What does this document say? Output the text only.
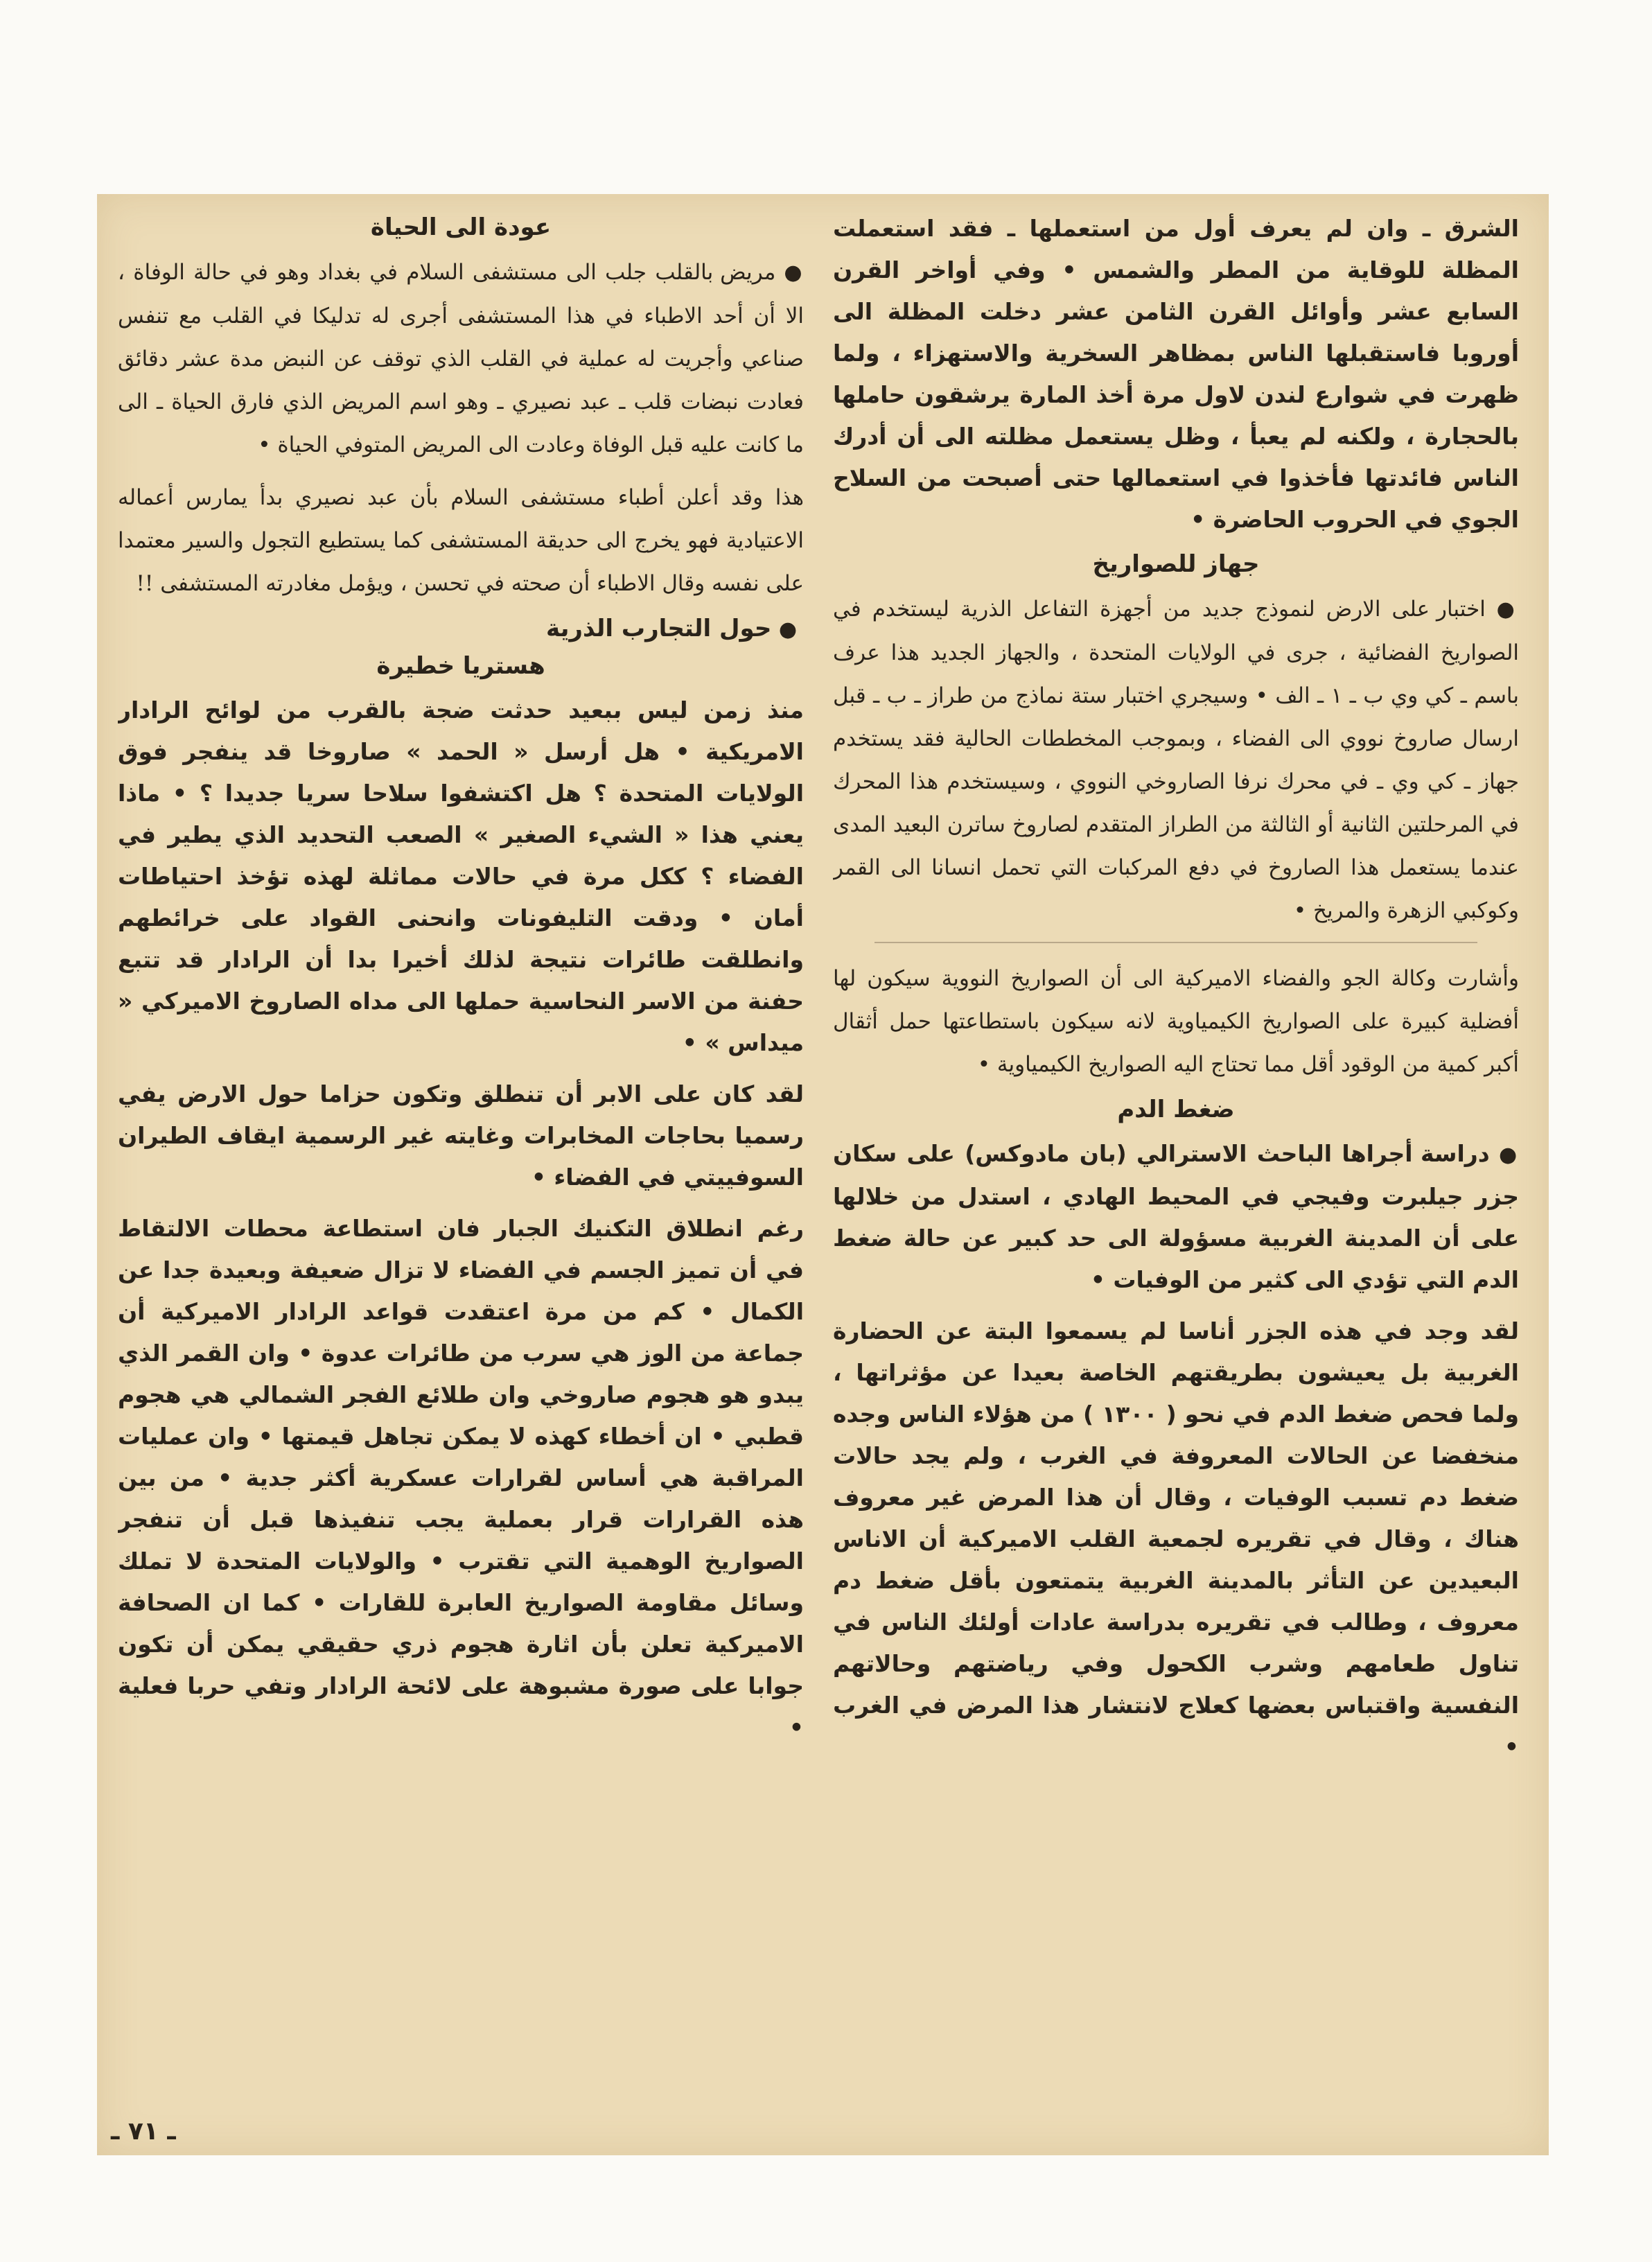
الشرق ـ وان لم يعرف أول من استعملها ـ فقد استعملت المظلة للوقاية من المطر والشمس • وفي أواخر القرن السابع عشر وأوائل القرن الثامن عشر دخلت المظلة الى أوروبا فاستقبلها الناس بمظاهر السخرية والاستهزاء ، ولما ظهرت في شوارع لندن لاول مرة أخذ المارة يرشقون حاملها بالحجارة ، ولكنه لم يعبأ ، وظل يستعمل مظلته الى أن أدرك الناس فائدتها فأخذوا في استعمالها حتى أصبحت من السلاح الجوي في الحروب الحاضرة •

جهاز للصواريخ

● اختبار على الارض لنموذج جديد من أجهزة التفاعل الذرية ليستخدم في الصواريخ الفضائية ، جرى في الولايات المتحدة ، والجهاز الجديد هذا عرف باسم ـ كي وي ب ـ ١ ـ الف • وسيجري اختبار ستة نماذج من طراز ـ ب ـ قبل ارسال صاروخ نووي الى الفضاء ، وبموجب المخططات الحالية فقد يستخدم جهاز ـ كي وي ـ في محرك نرفا الصاروخي النووي ، وسيستخدم هذا المحرك في المرحلتين الثانية أو الثالثة من الطراز المتقدم لصاروخ ساترن البعيد المدى عندما يستعمل هذا الصاروخ في دفع المركبات التي تحمل انسانا الى القمر وكوكبي الزهرة والمريخ •

وأشارت وكالة الجو والفضاء الاميركية الى أن الصواريخ النووية سيكون لها أفضلية كبيرة على الصواريخ الكيمياوية لانه سيكون باستطاعتها حمل أثقال أكبر كمية من الوقود أقل مما تحتاج اليه الصواريخ الكيمياوية •

ضغط الدم

● دراسة أجراها الباحث الاسترالي (بان مادوكس) على سكان جزر جيلبرت وفيجي في المحيط الهادي ، استدل من خلالها على أن المدينة الغربية مسؤولة الى حد كبير عن حالة ضغط الدم التي تؤدي الى كثير من الوفيات •

لقد وجد في هذه الجزر أناسا لم يسمعوا البتة عن الحضارة الغربية بل يعيشون بطريقتهم الخاصة بعيدا عن مؤثراتها ، ولما فحص ضغط الدم في نحو ( ١٣٠٠ ) من هؤلاء الناس وجده منخفضا عن الحالات المعروفة في الغرب ، ولم يجد حالات ضغط دم تسبب الوفيات ، وقال أن هذا المرض غير معروف هناك ، وقال في تقريره لجمعية القلب الاميركية أن الاناس البعيدين عن التأثر بالمدينة الغربية يتمتعون بأقل ضغط دم معروف ، وطالب في تقريره بدراسة عادات أولئك الناس في تناول طعامهم وشرب الكحول وفي رياضتهم وحالاتهم النفسية واقتباس بعضها كعلاج لانتشار هذا المرض في الغرب •

عودة الى الحياة

● مريض بالقلب جلب الى مستشفى السلام في بغداد وهو في حالة الوفاة ، الا أن أحد الاطباء في هذا المستشفى أجرى له تدليكا في القلب مع تنفس صناعي وأجريت له عملية في القلب الذي توقف عن النبض مدة عشر دقائق فعادت نبضات قلب ـ عبد نصيري ـ وهو اسم المريض الذي فارق الحياة ـ الى ما كانت عليه قبل الوفاة وعادت الى المريض المتوفي الحياة •

هذا وقد أعلن أطباء مستشفى السلام بأن عبد نصيري بدأ يمارس أعماله الاعتيادية فهو يخرج الى حديقة المستشفى كما يستطيع التجول والسير معتمدا على نفسه وقال الاطباء أن صحته في تحسن ، ويؤمل مغادرته المستشفى !!

● حول التجارب الذرية
هستريا خطيرة

منذ زمن ليس ببعيد حدثت ضجة بالقرب من لوائح الرادار الامريكية • هل أرسل « الحمد » صاروخا قد ينفجر فوق الولايات المتحدة ؟ هل اكتشفوا سلاحا سريا جديدا ؟ • ماذا يعني هذا « الشيء الصغير » الصعب التحديد الذي يطير في الفضاء ؟ ككل مرة في حالات مماثلة لهذه تؤخذ احتياطات أمان • ودقت التليفونات وانحنى القواد على خرائطهم وانطلقت طائرات نتيجة لذلك أخيرا بدا أن الرادار قد تتبع حفنة من الاسر النحاسية حملها الى مداه الصاروخ الاميركي « ميداس » •

لقد كان على الابر أن تنطلق وتكون حزاما حول الارض يفي رسميا بحاجات المخابرات وغايته غير الرسمية ايقاف الطيران السوفييتي في الفضاء •

رغم انطلاق التكنيك الجبار فان استطاعة محطات الالتقاط في أن تميز الجسم في الفضاء لا تزال ضعيفة وبعيدة جدا عن الكمال • كم من مرة اعتقدت قواعد الرادار الاميركية أن جماعة من الوز هي سرب من طائرات عدوة • وان القمر الذي يبدو هو هجوم صاروخي وان طلائع الفجر الشمالي هي هجوم قطبي • ان أخطاء كهذه لا يمكن تجاهل قيمتها • وان عمليات المراقبة هي أساس لقرارات عسكرية أكثر جدية • من بين هذه القرارات قرار بعملية يجب تنفيذها قبل أن تنفجر الصواريخ الوهمية التي تقترب • والولايات المتحدة لا تملك وسائل مقاومة الصواريخ العابرة للقارات • كما ان الصحافة الاميركية تعلن بأن اثارة هجوم ذري حقيقي يمكن أن تكون جوابا على صورة مشبوهة على لائحة الرادار وتفي حربا فعلية •

ـ ٧١ ـ
